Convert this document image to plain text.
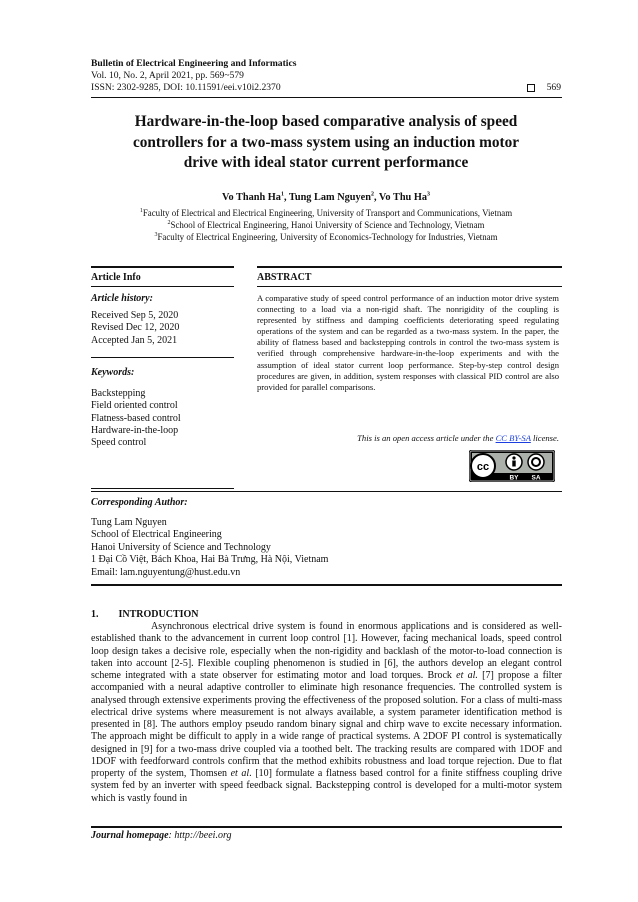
Bulletin of Electrical Engineering and Informatics
Vol. 10, No. 2, April 2021, pp. 569~579
ISSN: 2302-9285, DOI: 10.11591/eei.v10i2.2370	569
Hardware-in-the-loop based comparative analysis of speed
controllers for a two-mass system using an induction motor
drive with ideal stator current performance
Vo Thanh Ha$^1$, Tung Lam Nguyen$^2$, Vo Thu Ha$^3$
$^1$Faculty of Electrical and Electrical Engineering, University of Transport and Communications, Vietnam
$^2$School of Electrical Engineering, Hanoi University of Science and Technology, Vietnam
$^3$Faculty of Electrical Engineering, University of Economics-Technology for Industries, Vietnam
Article Info	ABSTRACT
Article history:
Received Sep 5, 2020
Revised Dec 12, 2020
Accepted Jan 5, 2021
Keywords:
Backstepping
Field oriented control
Flatness-based control
Hardware-in-the-loop
Speed control
A comparative study of speed control performance of an induction motor drive system connecting to a load via a non-rigid shaft. The nonrigidity of the coupling is represented by stiffness and damping coefficients deteriorating speed regulating operations of the system and can be regarded as a two-mass system. In the paper, the ability of flatness based and backstepping controls in control the two-mass system is verified through comprehensive hardware-in-the-loop experiments and with the assumption of ideal stator current loop performance. Step-by-step control design procedures are given, in addition, system responses with classical PID control are also provided for parallel comparisons.
This is an open access article under the CC BY-SA license.
cc
BY SA
Corresponding Author:
Tung Lam Nguyen
School of Electrical Engineering
Hanoi University of Science and Technology
1 Đại Cồ Việt, Bách Khoa, Hai Bà Trưng, Hà Nội, Vietnam
Email: lam.nguyentung@hust.edu.vn
1. INTRODUCTION
Asynchronous electrical drive system is found in enormous applications and is considered as well-established thank to the advancement in current loop control [1]. However, facing mechanical loads, speed control loop design takes a decisive role, especially when the non-rigidity and backlash of the motor-to-load connection is taken into account [2-5]. Flexible coupling phenomenon is studied in [6], the authors develop an elegant control scheme integrated with a state observer for estimating motor and load torques. Brock et al. [7] propose a filter accompanied with a neural adaptive controller to eliminate high resonance frequencies. The controlled system is analysed through extensive experiments proving the effectiveness of the proposed solution. For a class of multi-mass electrical drive systems where measurement is not always available, a system parameter identification method is presented in [8]. The authors employ pseudo random binary signal and chirp wave to excite necessary information. The approach might be difficult to apply in a wide range of practical systems. A 2DOF PI control is systematically designed in [9] for a two-mass drive coupled via a toothed belt. The tracking results are compared with 1DOF and 1DOF with feedforward controls confirm that the method exhibits robustness and load torque rejection. Due to flat property of the system, Thomsen et al. [10] formulate a flatness based control for a finite stiffness coupling drive system fed by an inverter with speed feedback signal. Backstepping control is developed for a multi-motor system which is vastly found in
Journal homepage: http://beei.org
